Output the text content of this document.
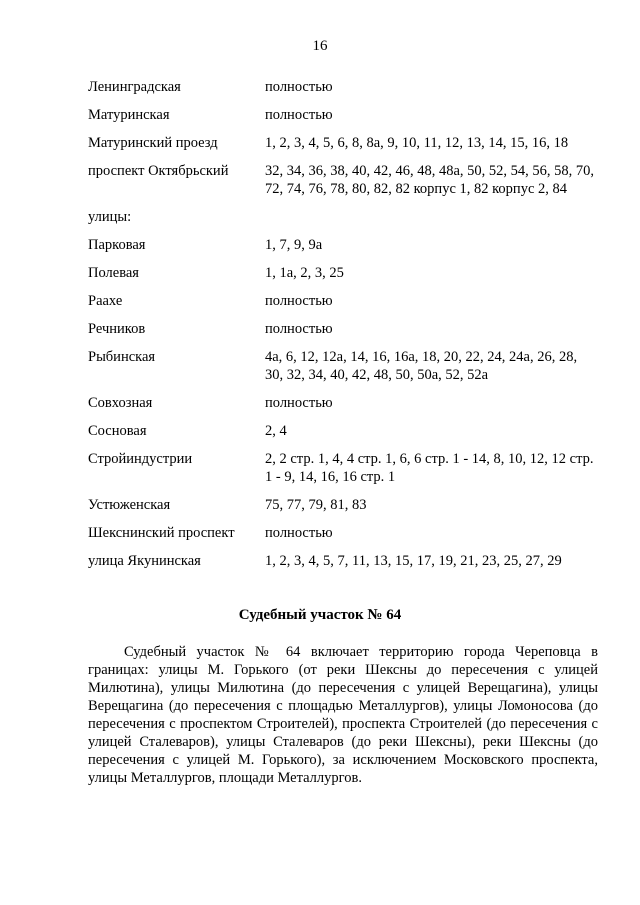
16
Ленинградская	полностью
Матуринская	полностью
Матуринский проезд	1, 2, 3, 4, 5, 6, 8, 8а, 9, 10, 11, 12, 13, 14, 15, 16, 18
проспект Октябрьский	32, 34, 36, 38, 40, 42, 46, 48, 48а, 50, 52, 54, 56, 58, 70, 72, 74, 76, 78, 80, 82, 82 корпус 1, 82 корпус 2, 84
улицы:
Парковая	1, 7, 9, 9а
Полевая	1, 1а, 2, 3, 25
Раахе	полностью
Речников	полностью
Рыбинская	4а, 6, 12, 12а, 14, 16, 16а, 18, 20, 22, 24, 24а, 26, 28, 30, 32, 34, 40, 42, 48, 50, 50а, 52, 52а
Совхозная	полностью
Сосновая	2, 4
Стройиндустрии	2, 2 стр. 1, 4, 4 стр. 1, 6, 6 стр. 1 - 14, 8, 10, 12, 12 стр. 1 - 9, 14, 16, 16 стр. 1
Устюженская	75, 77, 79, 81, 83
Шекснинский проспект	полностью
улица Якунинская	1, 2, 3, 4, 5, 7, 11, 13, 15, 17, 19, 21, 23, 25, 27, 29
Судебный участок № 64
Судебный участок № 64 включает территорию города Череповца в границах: улицы М. Горького (от реки Шексны до пересечения с улицей Милютина), улицы Милютина (до пересечения с улицей Верещагина), улицы Верещагина (до пересечения с площадью Металлургов), улицы Ломоносова (до пересечения с проспектом Строителей), проспекта Строителей (до пересечения с улицей Сталеваров), улицы Сталеваров (до реки Шексны), реки Шексны (до пересечения с улицей М. Горького), за исключением Московского проспекта, улицы Металлургов, площади Металлургов.
